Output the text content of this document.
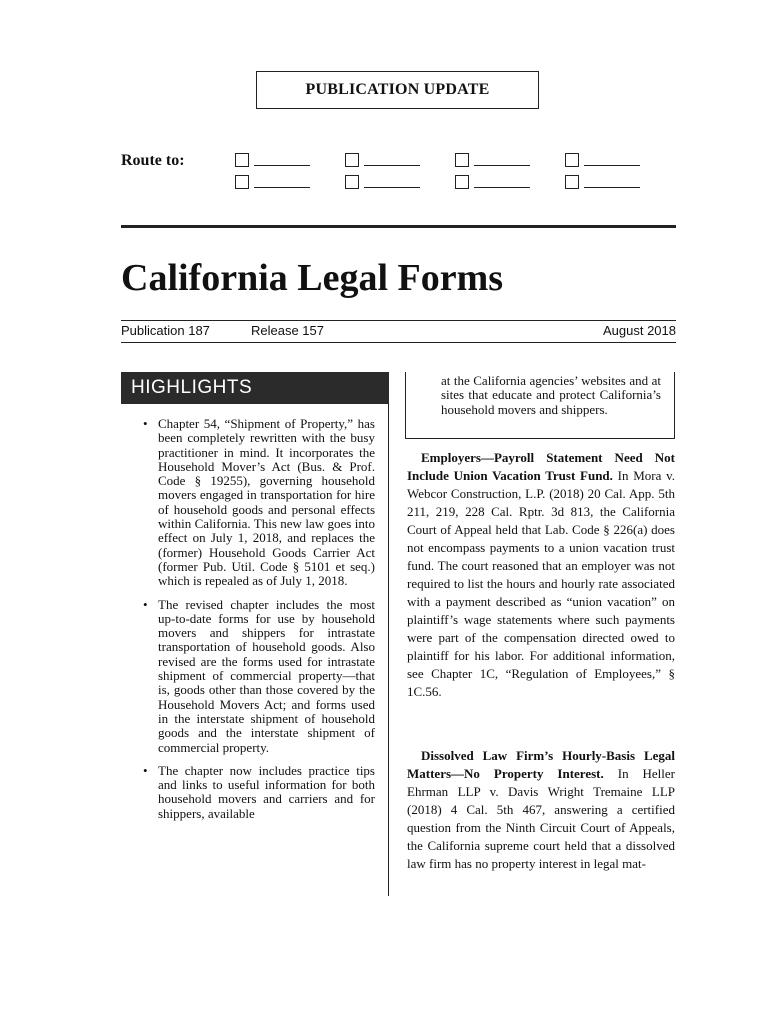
PUBLICATION UPDATE
Route to:
California Legal Forms
Publication 187	Release 157	August 2018
HIGHLIGHTS
• Chapter 54, “Shipment of Property,” has been completely rewritten with the busy practitioner in mind. It incorporates the Household Mover’s Act (Bus. & Prof. Code § 19255), governing household movers engaged in transportation for hire of household goods and personal effects within California. This new law goes into effect on July 1, 2018, and replaces the (former) Household Goods Carrier Act (former Pub. Util. Code § 5101 et seq.) which is repealed as of July 1, 2018.
• The revised chapter includes the most up-to-date forms for use by household movers and shippers for intrastate transportation of household goods. Also revised are the forms used for intrastate shipment of commercial property—that is, goods other than those covered by the Household Movers Act; and forms used in the interstate shipment of household goods and the interstate shipment of commercial property.
• The chapter now includes practice tips and links to useful information for both household movers and carriers and for shippers, available
at the California agencies’ websites and at sites that educate and protect California’s household movers and shippers.
Employers—Payroll Statement Need Not Include Union Vacation Trust Fund. In Mora v. Webcor Construction, L.P. (2018) 20 Cal. App. 5th 211, 219, 228 Cal. Rptr. 3d 813, the California Court of Appeal held that Lab. Code § 226(a) does not encompass payments to a union vacation trust fund. The court reasoned that an employer was not required to list the hours and hourly rate associated with a payment described as “union vacation” on plaintiff’s wage statements where such payments were part of the compensation directed owed to plaintiff for his labor. For additional information, see Chapter 1C, “Regulation of Employees,” § 1C.56.
Dissolved Law Firm’s Hourly-Basis Legal Matters—No Property Interest. In Heller Ehrman LLP v. Davis Wright Tremaine LLP (2018) 4 Cal. 5th 467, answering a certified question from the Ninth Circuit Court of Appeals, the California supreme court held that a dissolved law firm has no property interest in legal mat-
